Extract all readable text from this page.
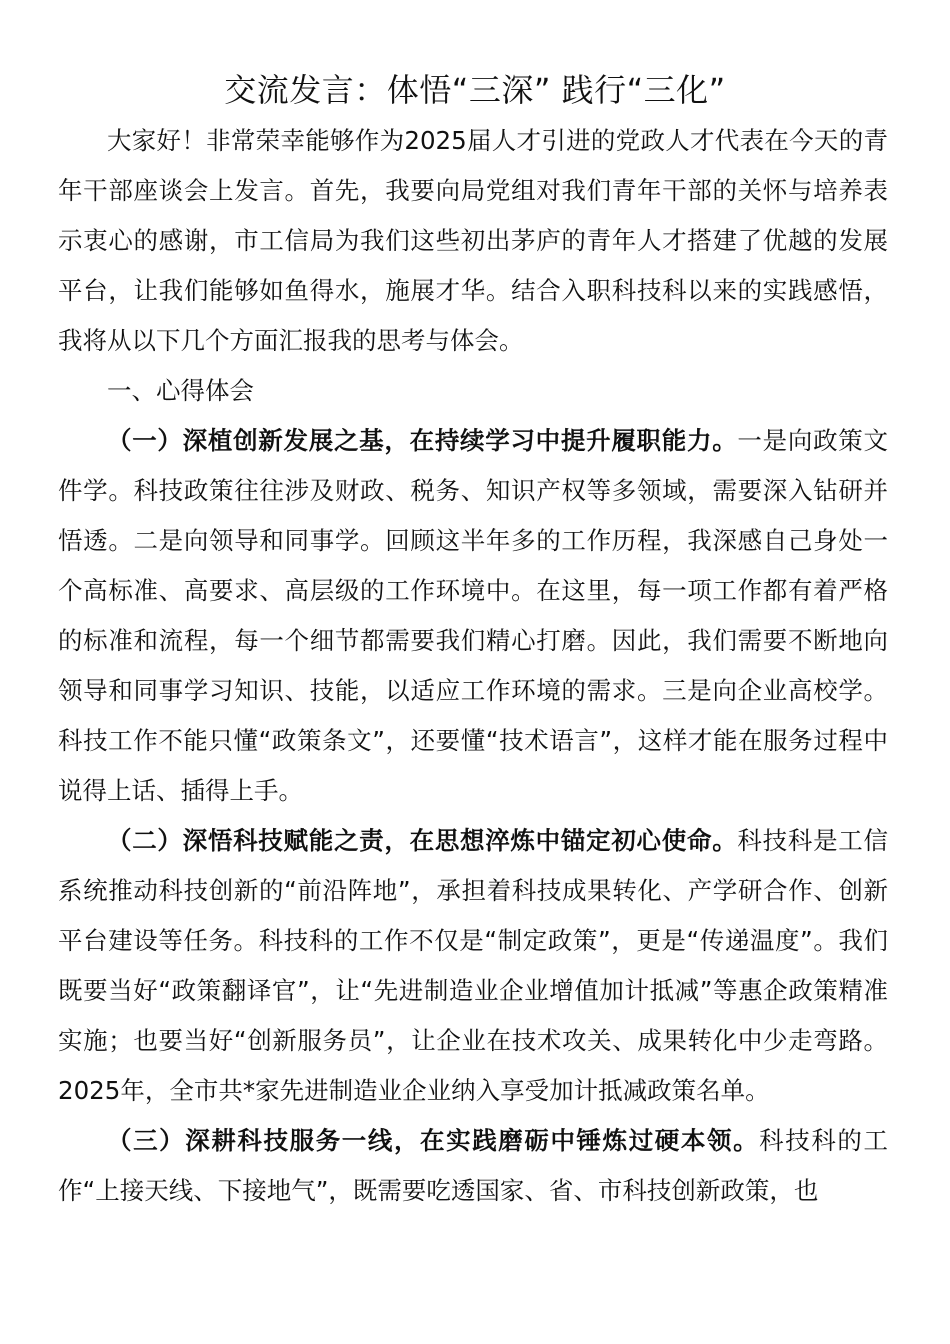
交流发言：体悟“三深” 践行“三化”

大家好！非常荣幸能够作为2025届人才引进的党政人才代表在今天的青年干部座谈会上发言。首先，我要向局党组对我们青年干部的关怀与培养表示衷心的感谢，市工信局为我们这些初出茅庐的青年人才搭建了优越的发展平台，让我们能够如鱼得水，施展才华。结合入职科技科以来的实践感悟，我将从以下几个方面汇报我的思考与体会。

一、心得体会

（一）深植创新发展之基，在持续学习中提升履职能力。一是向政策文件学。科技政策往往涉及财政、税务、知识产权等多领域，需要深入钻研并悟透。二是向领导和同事学。回顾这半年多的工作历程，我深感自己身处一个高标准、高要求、高层级的工作环境中。在这里，每一项工作都有着严格的标准和流程，每一个细节都需要我们精心打磨。因此，我们需要不断地向领导和同事学习知识、技能，以适应工作环境的需求。三是向企业高校学。科技工作不能只懂“政策条文”，还要懂“技术语言”，这样才能在服务过程中说得上话、插得上手。

（二）深悟科技赋能之责，在思想淬炼中锚定初心使命。科技科是工信系统推动科技创新的“前沿阵地”，承担着科技成果转化、产学研合作、创新平台建设等任务。科技科的工作不仅是“制定政策”，更是“传递温度”。我们既要当好“政策翻译官”，让“先进制造业企业增值加计抵减”等惠企政策精准实施；也要当好“创新服务员”，让企业在技术攻关、成果转化中少走弯路。2025年，全市共*家先进制造业企业纳入享受加计抵减政策名单。

（三）深耕科技服务一线，在实践磨砺中锤炼过硬本领。科技科的工作“上接天线、下接地气”，既需要吃透国家、省、市科技创新政策，也
